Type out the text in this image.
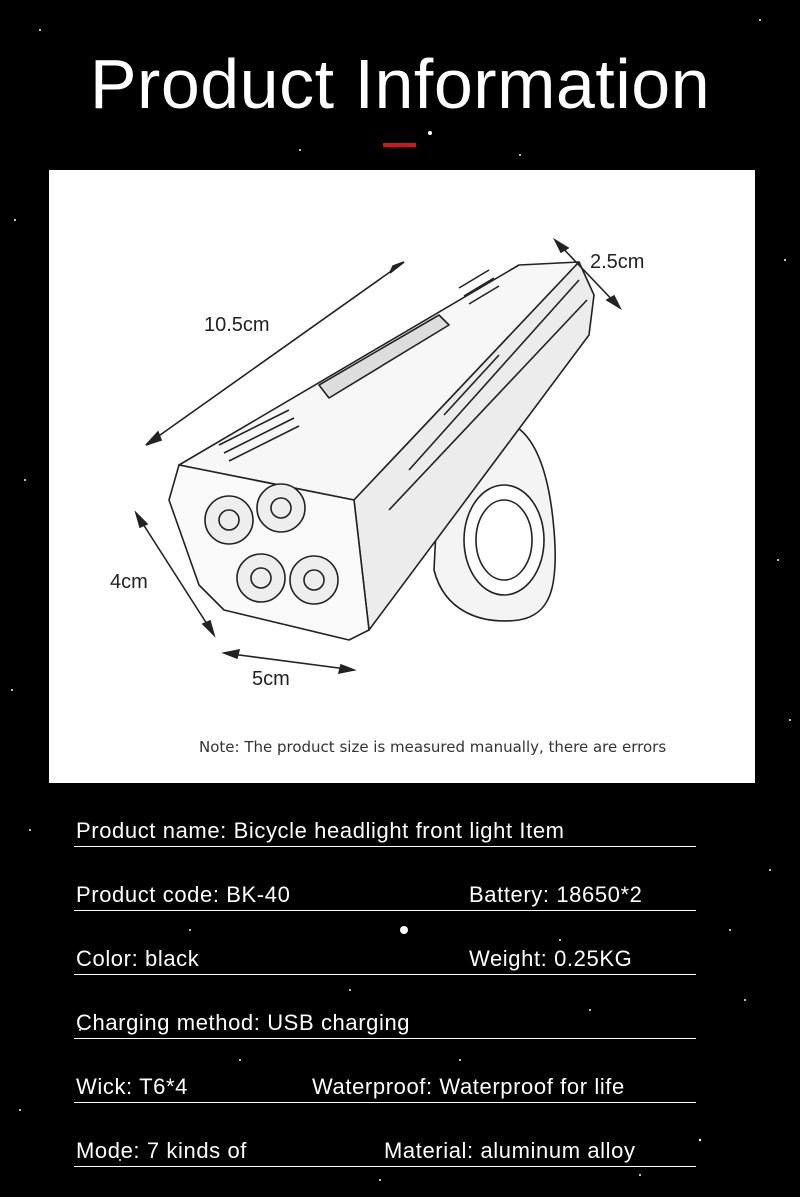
Product Information
10.5cm
2.5cm
4cm
5cm
Note: The product size is measured manually, there are errors
Product name: Bicycle headlight front light Item
Product code: BK-40	Battery: 18650*2
Color: black	Weight: 0.25KG
Charging method: USB charging
Wick: T6*4	Waterproof: Waterproof for life
Mode: 7 kinds of	Material: aluminum alloy
